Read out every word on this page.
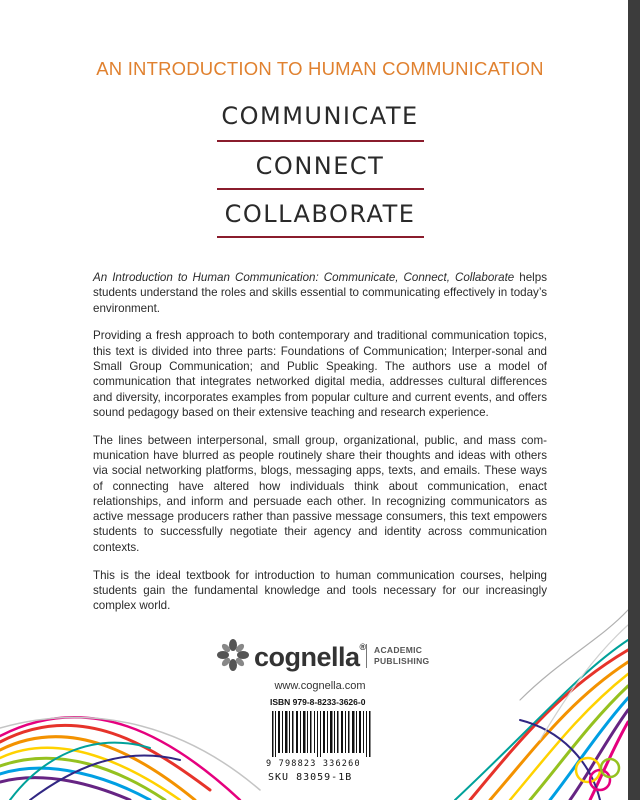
AN INTRODUCTION TO HUMAN COMMUNICATION
COMMUNICATE
CONNECT
COLLABORATE

An Introduction to Human Communication: Communicate, Connect, Collaborate helps students understand the roles and skills essential to communicating effectively in today’s environment.

Providing a fresh approach to both contemporary and traditional communication topics, this text is divided into three parts: Foundations of Communication; Interper-sonal and Small Group Communication; and Public Speaking. The authors use a model of communication that integrates networked digital media, addresses cultural differences and diversity, incorporates examples from popular culture and current events, and offers sound pedagogy based on their extensive teaching and research experience.

The lines between interpersonal, small group, organizational, public, and mass com-munication have blurred as people routinely share their thoughts and ideas with others via social networking platforms, blogs, messaging apps, texts, and emails. These ways of connecting have altered how individuals think about communication, enact relationships, and inform and persuade each other. In recognizing communicators as active message producers rather than passive message consumers, this text empowers students to successfully negotiate their agency and identity across communication contexts.

This is the ideal textbook for introduction to human communication courses, helping students gain the fundamental knowledge and tools necessary for our increasingly complex world.

cognella® ACADEMIC
PUBLISHING
www.cognella.com
ISBN 979-8-8233-3626-0
9 798823 336260
SKU 83059-1B
